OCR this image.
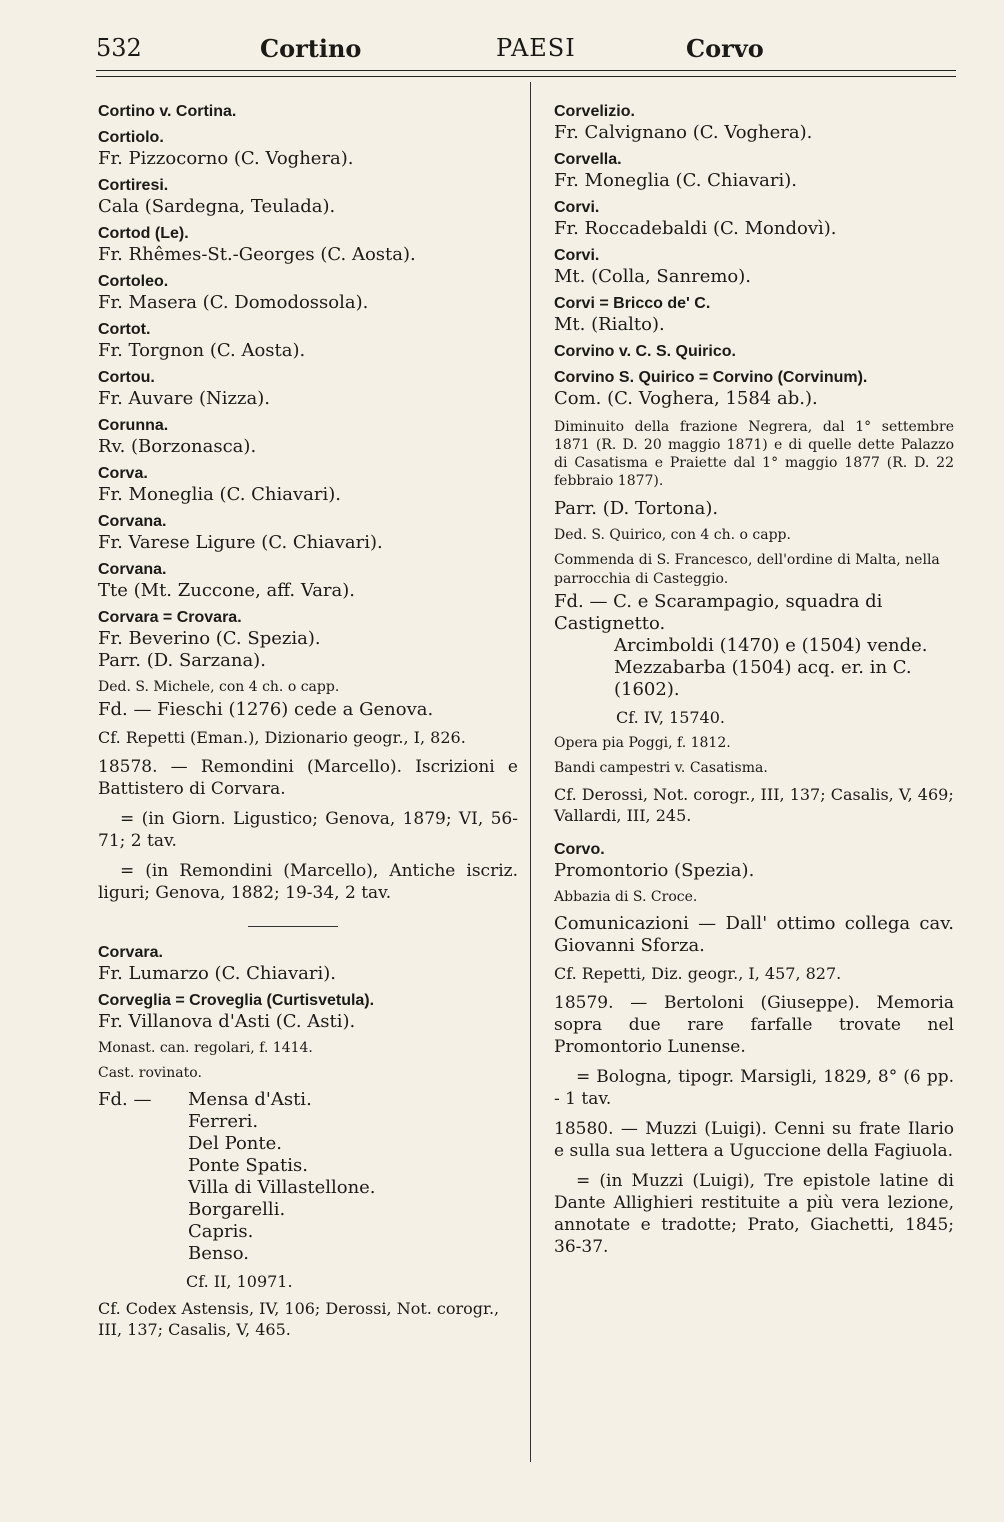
532	Cortino	PAESI	Corvo
Cortino v. Cortina.
Cortiolo.
Fr. Pizzocorno (C. Voghera).
Cortiresi.
Cala (Sardegna, Teulada).
Cortod (Le).
Fr. Rhêmes-St.-Georges (C. Aosta).
Cortoleo.
Fr. Masera (C. Domodossola).
Cortot.
Fr. Torgnon (C. Aosta).
Cortou.
Fr. Auvare (Nizza).
Corunna.
Rv. (Borzonasca).
Corva.
Fr. Moneglia (C. Chiavari).
Corvana.
Fr. Varese Ligure (C. Chiavari).
Corvana.
Tte (Mt. Zuccone, aff. Vara).
Corvara = Crovara.
Fr. Beverino (C. Spezia).
Parr. (D. Sarzana).
Ded. S. Michele, con 4 ch. o capp.
Fd. — Fieschi (1276) cede a Genova.
Cf. Repetti (Eman.), Dizionario geogr., I, 826.
18578. — Remondini (Marcello). Iscrizioni e Battistero di Corvara.
= (in Giorn. Ligustico; Genova, 1879; VI, 56-71; 2 tav.
= (in Remondini (Marcello), Antiche iscriz. liguri; Genova, 1882; 19-34, 2 tav.
Corvara.
Fr. Lumarzo (C. Chiavari).
Corveglia = Croveglia (Curtisvetula).
Fr. Villanova d'Asti (C. Asti).
Monast. can. regolari, f. 1414.
Cast. rovinato.
Fd. —	Mensa d'Asti.
Ferreri.
Del Ponte.
Ponte Spatis.
Villa di Villastellone.
Borgarelli.
Capris.
Benso.
Cf. II, 10971.
Cf. Codex Astensis, IV, 106; Derossi, Not. corogr., III, 137; Casalis, V, 465.
Corvelizio.
Fr. Calvignano (C. Voghera).
Corvella.
Fr. Moneglia (C. Chiavari).
Corvi.
Fr. Roccadebaldi (C. Mondovì).
Corvi.
Mt. (Colla, Sanremo).
Corvi = Bricco de' C.
Mt. (Rialto).
Corvino v. C. S. Quirico.
Corvino S. Quirico = Corvino (Corvinum).
Com. (C. Voghera, 1584 ab.).
Diminuito della frazione Negrera, dal 1° settembre 1871 (R. D. 20 maggio 1871) e di quelle dette Palazzo di Casatisma e Praiette dal 1° maggio 1877 (R. D. 22 febbraio 1877).
Parr. (D. Tortona).
Ded. S. Quirico, con 4 ch. o capp.
Commenda di S. Francesco, dell'ordine di Malta, nella parrocchia di Casteggio.
Fd. — C. e Scarampagio, squadra di Castignetto.
Arcimboldi (1470) e (1504) vende.
Mezzabarba (1504) acq. er. in C. (1602).
Cf. IV, 15740.
Opera pia Poggi, f. 1812.
Bandi campestri v. Casatisma.
Cf. Derossi, Not. corogr., III, 137; Casalis, V, 469; Vallardi, III, 245.
Corvo.
Promontorio (Spezia).
Abbazia di S. Croce.
Comunicazioni — Dall' ottimo collega cav. Giovanni Sforza.
Cf. Repetti, Diz. geogr., I, 457, 827.
18579. — Bertoloni (Giuseppe). Memoria sopra due rare farfalle trovate nel Promontorio Lunense.
= Bologna, tipogr. Marsigli, 1829, 8° (6 pp. - 1 tav.
18580. — Muzzi (Luigi). Cenni su frate Ilario e sulla sua lettera a Uguccione della Fagiuola.
= (in Muzzi (Luigi), Tre epistole latine di Dante Allighieri restituite a più vera lezione, annotate e tradotte; Prato, Giachetti, 1845; 36-37.
